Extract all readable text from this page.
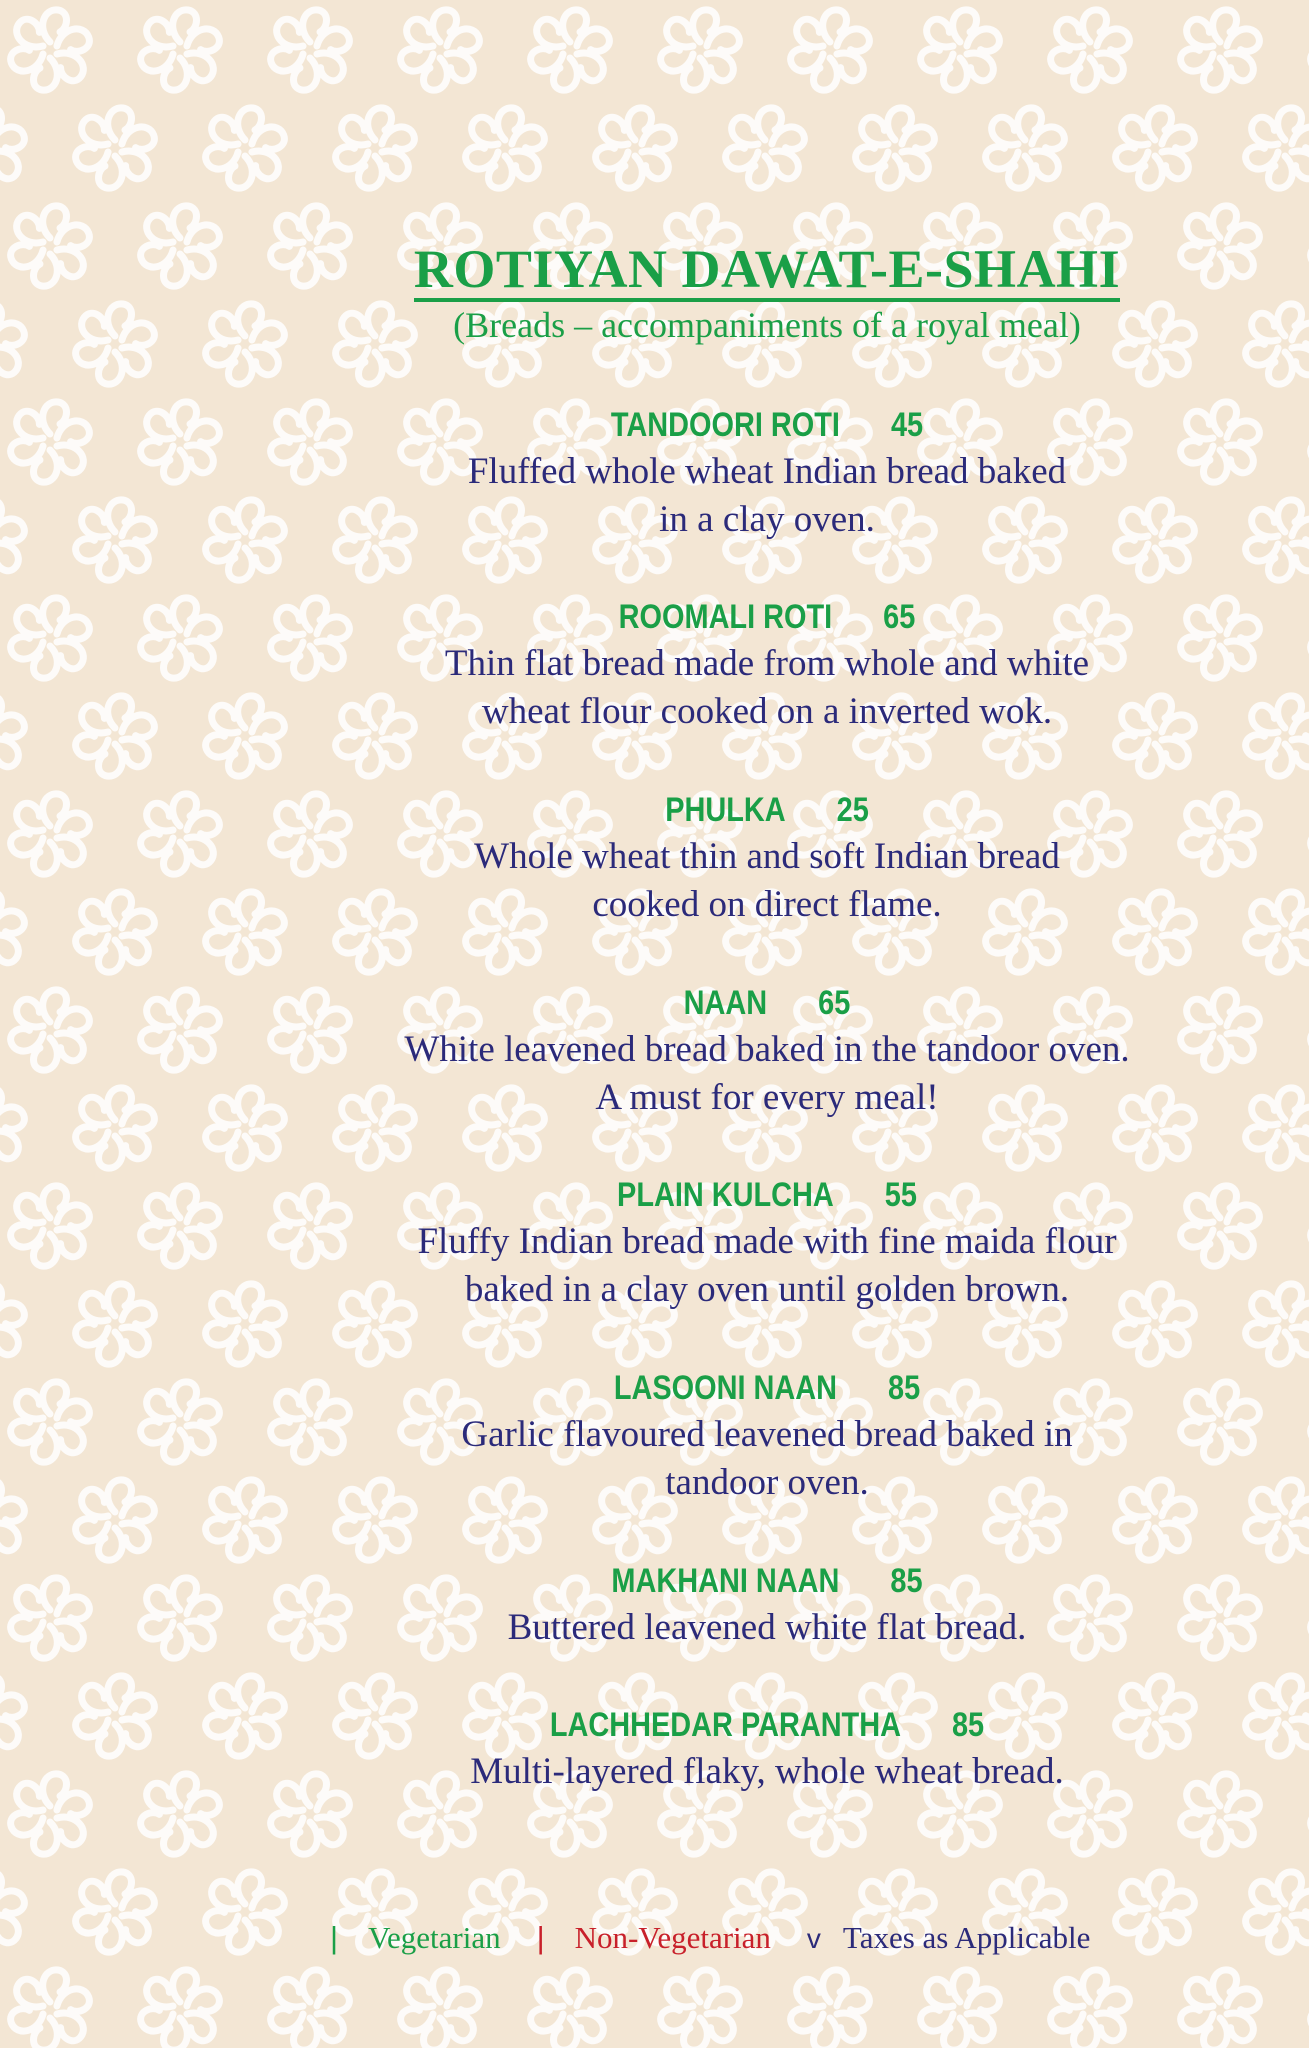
ROTIYAN DAWAT-E-SHAHI
(Breads – accompaniments of a royal meal)
TANDOORI ROTI 45
Fluffed whole wheat Indian bread baked
in a clay oven.
ROOMALI ROTI 65
Thin flat bread made from whole and white
wheat flour cooked on a inverted wok.
PHULKA 25
Whole wheat thin and soft Indian bread
cooked on direct flame.
NAAN 65
White leavened bread baked in the tandoor oven.
A must for every meal!
PLAIN KULCHA 55
Fluffy Indian bread made with fine maida flour
baked in a clay oven until golden brown.
LASOONI NAAN 85
Garlic flavoured leavened bread baked in
tandoor oven.
MAKHANI NAAN 85
Buttered leavened white flat bread.
LACHHEDAR PARANTHA 85
Multi-layered flaky, whole wheat bread.
| Vegetarian | Non-Vegetarian v Taxes as Applicable
